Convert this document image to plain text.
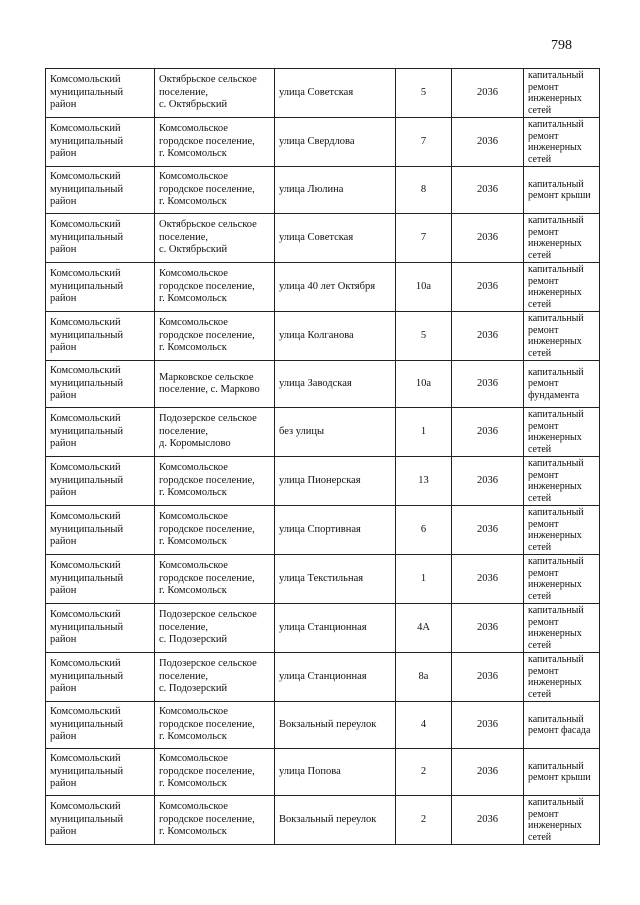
798
Комсомольский
муниципальный
район	Октябрьское сельское
поселение,
с. Октябрьский	улица Советская	5	2036	капитальный
ремонт
инженерных
сетей
Комсомольский
муниципальный
район	Комсомольское
городское поселение,
г. Комсомольск	улица Свердлова	7	2036	капитальный
ремонт
инженерных
сетей
Комсомольский
муниципальный
район	Комсомольское
городское поселение,
г. Комсомольск	улица Люлина	8	2036	капитальный
ремонт крыши
Комсомольский
муниципальный
район	Октябрьское сельское
поселение,
с. Октябрьский	улица Советская	7	2036	капитальный
ремонт
инженерных
сетей
Комсомольский
муниципальный
район	Комсомольское
городское поселение,
г. Комсомольск	улица 40 лет Октября	10а	2036	капитальный
ремонт
инженерных
сетей
Комсомольский
муниципальный
район	Комсомольское
городское поселение,
г. Комсомольск	улица Колганова	5	2036	капитальный
ремонт
инженерных
сетей
Комсомольский
муниципальный
район	Марковское сельское
поселение, с. Марково	улица Заводская	10а	2036	капитальный
ремонт
фундамента
Комсомольский
муниципальный
район	Подозерское сельское
поселение,
д. Коромыслово	без улицы	1	2036	капитальный
ремонт
инженерных
сетей
Комсомольский
муниципальный
район	Комсомольское
городское поселение,
г. Комсомольск	улица Пионерская	13	2036	капитальный
ремонт
инженерных
сетей
Комсомольский
муниципальный
район	Комсомольское
городское поселение,
г. Комсомольск	улица Спортивная	6	2036	капитальный
ремонт
инженерных
сетей
Комсомольский
муниципальный
район	Комсомольское
городское поселение,
г. Комсомольск	улица Текстильная	1	2036	капитальный
ремонт
инженерных
сетей
Комсомольский
муниципальный
район	Подозерское сельское
поселение,
с. Подозерский	улица Станционная	4А	2036	капитальный
ремонт
инженерных
сетей
Комсомольский
муниципальный
район	Подозерское сельское
поселение,
с. Подозерский	улица Станционная	8а	2036	капитальный
ремонт
инженерных
сетей
Комсомольский
муниципальный
район	Комсомольское
городское поселение,
г. Комсомольск	Вокзальный переулок	4	2036	капитальный
ремонт фасада
Комсомольский
муниципальный
район	Комсомольское
городское поселение,
г. Комсомольск	улица Попова	2	2036	капитальный
ремонт крыши
Комсомольский
муниципальный
район	Комсомольское
городское поселение,
г. Комсомольск	Вокзальный переулок	2	2036	капитальный
ремонт
инженерных
сетей
